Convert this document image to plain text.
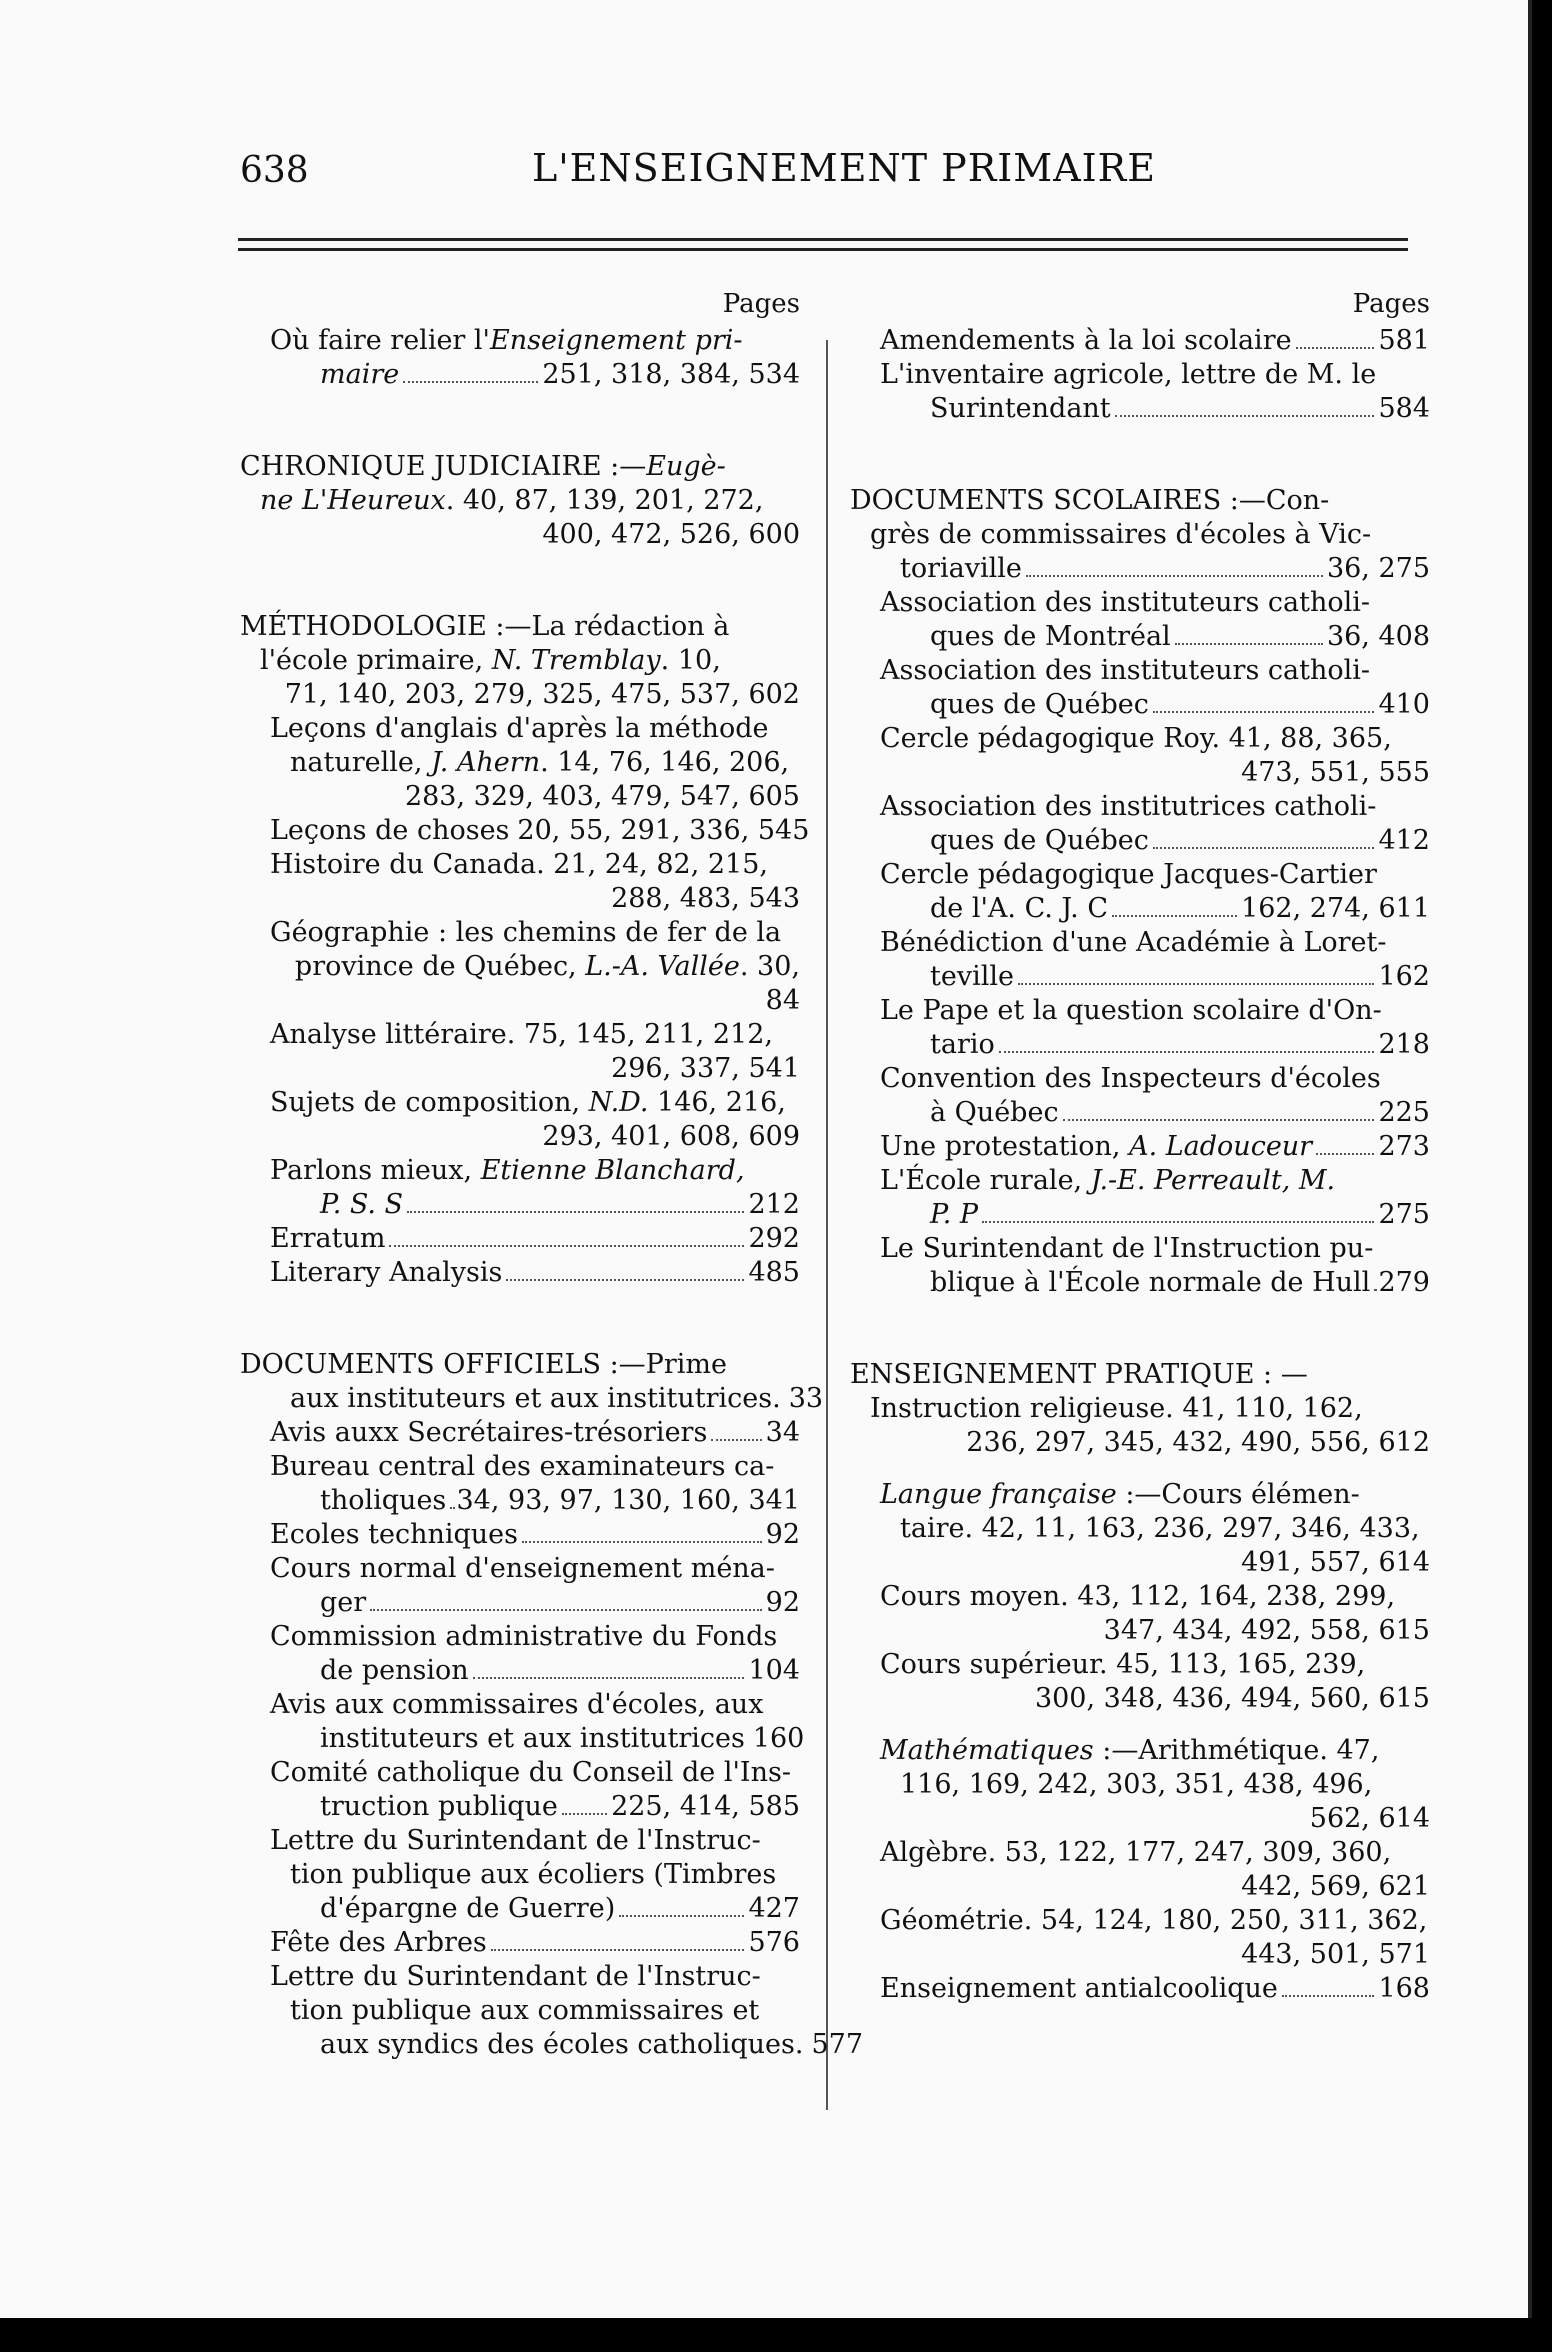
638	L'ENSEIGNEMENT PRIMAIRE
Pages
Où faire relier l'Enseignement pri-
maire	251, 318, 384, 534
CHRONIQUE JUDICIAIRE :—Eugè-
ne L'Heureux. 40, 87, 139, 201, 272,
400, 472, 526, 600
MÉTHODOLOGIE :—La rédaction à
l'école primaire, N. Tremblay. 10,
71, 140, 203, 279, 325, 475, 537, 602
Leçons d'anglais d'après la méthode
naturelle, J. Ahern. 14, 76, 146, 206,
283, 329, 403, 479, 547, 605
Leçons de choses 20, 55, 291, 336, 545
Histoire du Canada. 21, 24, 82, 215,
288, 483, 543
Géographie : les chemins de fer de la
province de Québec, L.-A. Vallée. 30, 84
Analyse littéraire. 75, 145, 211, 212,
296, 337, 541
Sujets de composition, N.D. 146, 216,
293, 401, 608, 609
Parlons mieux, Etienne Blanchard,
P. S. S	212
Erratum	292
Literary Analysis	485
DOCUMENTS OFFICIELS :—Prime
aux instituteurs et aux institutrices. 33
Avis auxx Secrétaires-trésoriers 34
Bureau central des examinateurs ca-
tholiques 34, 93, 97, 130, 160, 341
Ecoles techniques	92
Cours normal d'enseignement ména-
ger	92
Commission administrative du Fonds
de pension	104
Avis aux commissaires d'écoles, aux
instituteurs et aux institutrices 160
Comité catholique du Conseil de l'Ins-
truction publique 225, 414, 585
Lettre du Surintendant de l'Instruc-
tion publique aux écoliers (Timbres
d'épargne de Guerre)	427
Fête des Arbres	576
Lettre du Surintendant de l'Instruc-
tion publique aux commissaires et
aux syndics des écoles catholiques. 577
Pages
Amendements à la loi scolaire	581
L'inventaire agricole, lettre de M. le
Surintendant	584
DOCUMENTS SCOLAIRES :—Con-
grès de commissaires d'écoles à Vic-
toriaville	36, 275
Association des instituteurs catholi-
ques de Montréal	36, 408
Association des instituteurs catholi-
ques de Québec	410
Cercle pédagogique Roy. 41, 88, 365,
473, 551, 555
Association des institutrices catholi-
ques de Québec	412
Cercle pédagogique Jacques-Cartier
de l'A. C. J. C	162, 274, 611
Bénédiction d'une Académie à Loret-
teville	162
Le Pape et la question scolaire d'On-
tario	218
Convention des Inspecteurs d'écoles
à Québec	225
Une protestation, A. Ladouceur 273
L'École rurale, J.-E. Perreault, M.
P. P	275
Le Surintendant de l'Instruction pu-
blique à l'École normale de Hull 279
ENSEIGNEMENT PRATIQUE : —
Instruction religieuse. 41, 110, 162,
236, 297, 345, 432, 490, 556, 612
Langue française :—Cours élémen-
taire. 42, 11, 163, 236, 297, 346, 433,
491, 557, 614
Cours moyen. 43, 112, 164, 238, 299,
347, 434, 492, 558, 615
Cours supérieur. 45, 113, 165, 239,
300, 348, 436, 494, 560, 615
Mathématiques :—Arithmétique. 47,
116, 169, 242, 303, 351, 438, 496,
562, 614
Algèbre. 53, 122, 177, 247, 309, 360,
442, 569, 621
Géométrie. 54, 124, 180, 250, 311, 362,
443, 501, 571
Enseignement antialcoolique	168
